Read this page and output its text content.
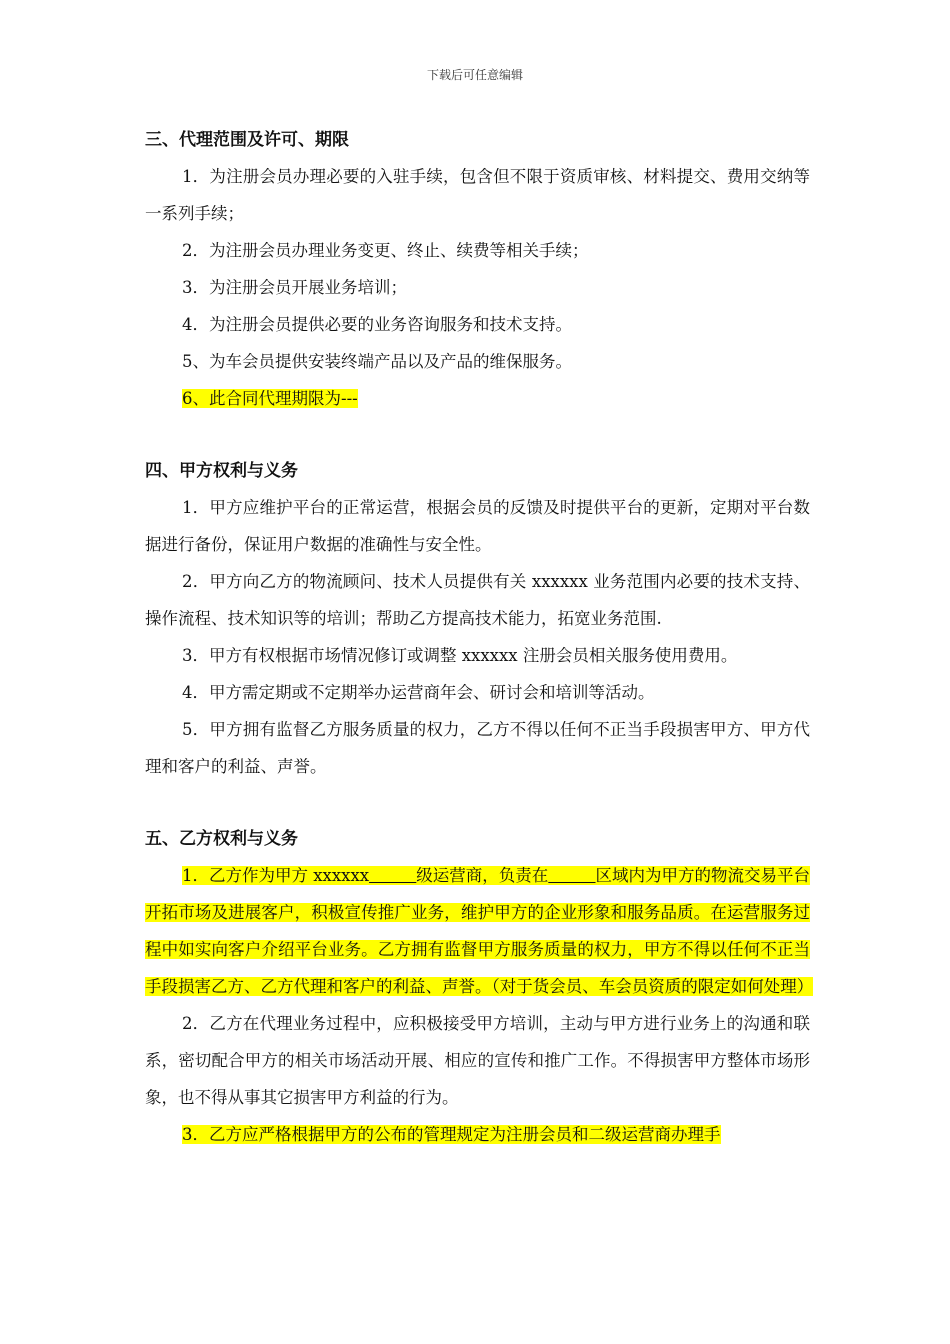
下载后可任意编辑

三、代理范围及许可、期限

1．为注册会员办理必要的入驻手续，包含但不限于资质审核、材料提交、费用交纳等一系列手续；

2．为注册会员办理业务变更、终止、续费等相关手续；

3．为注册会员开展业务培训；

4．为注册会员提供必要的业务咨询服务和技术支持。

5、为车会员提供安装终端产品以及产品的维保服务。

6、此合同代理期限为---

四、甲方权利与义务

1．甲方应维护平台的正常运营，根据会员的反馈及时提供平台的更新，定期对平台数据进行备份，保证用户数据的准确性与安全性。

2．甲方向乙方的物流顾问、技术人员提供有关 xxxxxx 业务范围内必要的技术支持、操作流程、技术知识等的培训；帮助乙方提高技术能力，拓宽业务范围.

3．甲方有权根据市场情况修订或调整 xxxxxx 注册会员相关服务使用费用。

4．甲方需定期或不定期举办运营商年会、研讨会和培训等活动。

5．甲方拥有监督乙方服务质量的权力，乙方不得以任何不正当手段损害甲方、甲方代理和客户的利益、声誉。

五、乙方权利与义务

1．乙方作为甲方 xxxxxx	级运营商，负责在	区域内为甲方的物流交易平台开拓市场及进展客户，积极宣传推广业务，维护甲方的企业形象和服务品质。在运营服务过程中如实向客户介绍平台业务。乙方拥有监督甲方服务质量的权力，甲方不得以任何不正当手段损害乙方、乙方代理和客户的利益、声誉。（对于货会员、车会员资质的限定如何处理）

2．乙方在代理业务过程中，应积极接受甲方培训，主动与甲方进行业务上的沟通和联系，密切配合甲方的相关市场活动开展、相应的宣传和推广工作。不得损害甲方整体市场形象，也不得从事其它损害甲方利益的行为。

3．乙方应严格根据甲方的公布的管理规定为注册会员和二级运营商办理手
